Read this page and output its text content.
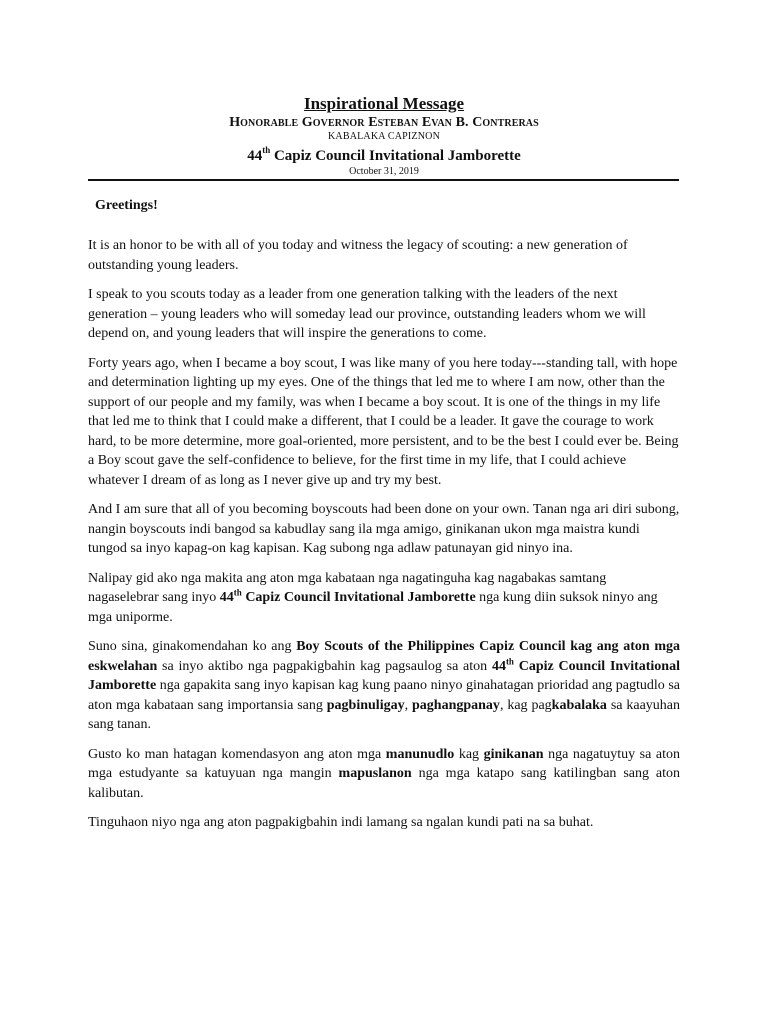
Inspirational Message
Honorable Governor Esteban Evan B. Contreras
KABALAKA CAPIZNON
44th Capiz Council Invitational Jamborette
October 31, 2019
Greetings!

It is an honor to be with all of you today and witness the legacy of scouting: a new generation of outstanding young leaders.

I speak to you scouts today as a leader from one generation talking with the leaders of the next generation – young leaders who will someday lead our province, outstanding leaders whom we will depend on, and young leaders that will inspire the generations to come.

Forty years ago, when I became a boy scout, I was like many of you here today---standing tall, with hope and determination lighting up my eyes. One of the things that led me to where I am now, other than the support of our people and my family, was when I became a boy scout. It is one of the things in my life that led me to think that I could make a different, that I could be a leader. It gave the courage to work hard, to be more determine, more goal-oriented, more persistent, and to be the best I could ever be. Being a Boy scout gave the self-confidence to believe, for the first time in my life, that I could achieve whatever I dream of as long as I never give up and try my best.

And I am sure that all of you becoming boyscouts had been done on your own. Tanan nga ari diri subong, nangin boyscouts indi bangod sa kabudlay sang ila mga amigo, ginikanan ukon mga maistra kundi tungod sa inyo kapag-on kag kapisan. Kag subong nga adlaw patunayan gid ninyo ina.

Nalipay gid ako nga makita ang aton mga kabataan nga nagatinguha kag nagabakas samtang nagaselebrar sang inyo 44th Capiz Council Invitational Jamborette nga kung diin suksok ninyo ang mga uniporme.

Suno sina, ginakomendahan ko ang Boy Scouts of the Philippines Capiz Council kag ang aton mga eskwelahan sa inyo aktibo nga pagpakigbahin kag pagsaulog sa aton 44th Capiz Council Invitational Jamborette nga gapakita sang inyo kapisan kag kung paano ninyo ginahatagan prioridad ang pagtudlo sa aton mga kabataan sang importansia sang pagbinuligay, paghangpanay, kag pagkabalaka sa kaayuhan sang tanan.

Gusto ko man hatagan komendasyon ang aton mga manunudlo kag ginikanan nga nagatuytuy sa aton mga estudyante sa katuyuan nga mangin mapuslanon nga mga katapo sang katilingban sang aton kalibutan.

Tinguhaon niyo nga ang aton pagpakigbahin indi lamang sa ngalan kundi pati na sa buhat.
